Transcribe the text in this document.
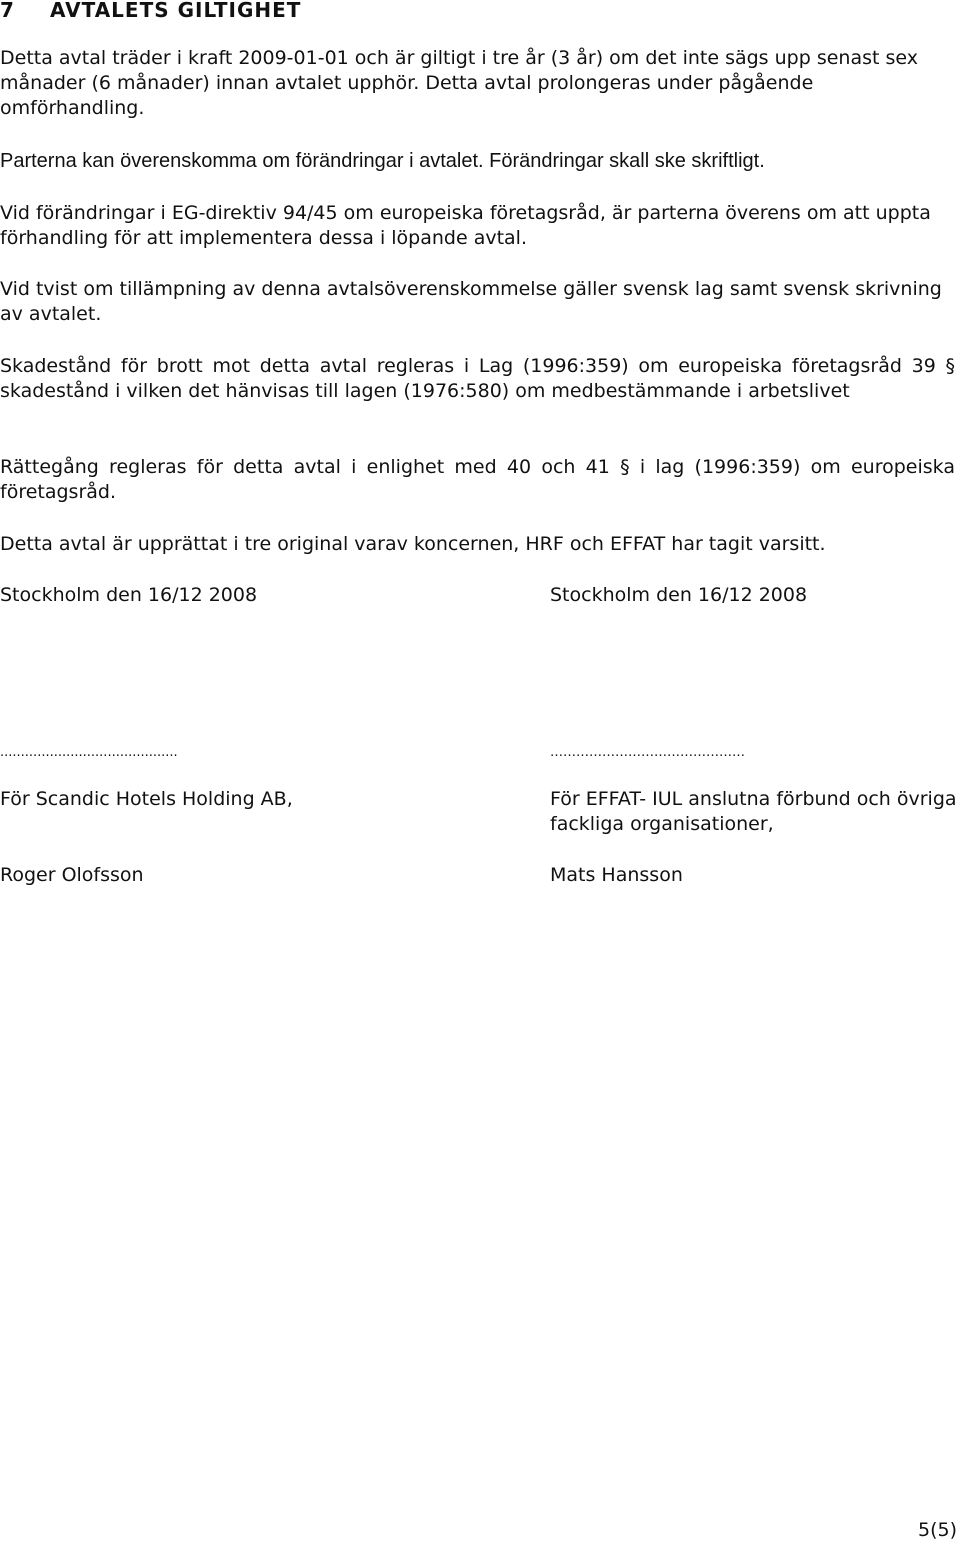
7 AVTALETS GILTIGHET

Detta avtal träder i kraft 2009-01-01 och är giltigt i tre år (3 år) om det inte sägs upp senast sex månader (6 månader) innan avtalet upphör. Detta avtal prolongeras under pågående omförhandling.

Parterna kan överenskomma om förändringar i avtalet. Förändringar skall ske skriftligt.

Vid förändringar i EG-direktiv 94/45 om europeiska företagsråd, är parterna överens om att uppta förhandling för att implementera dessa i löpande avtal.

Vid tvist om tillämpning av denna avtalsöverenskommelse gäller svensk lag samt svensk skrivning av avtalet.

Skadestånd för brott mot detta avtal regleras i Lag (1996:359) om europeiska företagsråd 39 § skadestånd i vilken det hänvisas till lagen (1976:580) om medbestämmande i arbetslivet

Rättegång regleras för detta avtal i enlighet med 40 och 41 § i lag (1996:359) om europeiska företagsråd.

Detta avtal är upprättat i tre original varav koncernen, HRF och EFFAT har tagit varsitt.

Stockholm den 16/12 2008

...........................................

För Scandic Hotels Holding AB,

Roger Olofsson

Stockholm den 16/12 2008

………………………………………

För EFFAT- IUL anslutna förbund och övriga fackliga organisationer,

Mats Hansson

5(5)
